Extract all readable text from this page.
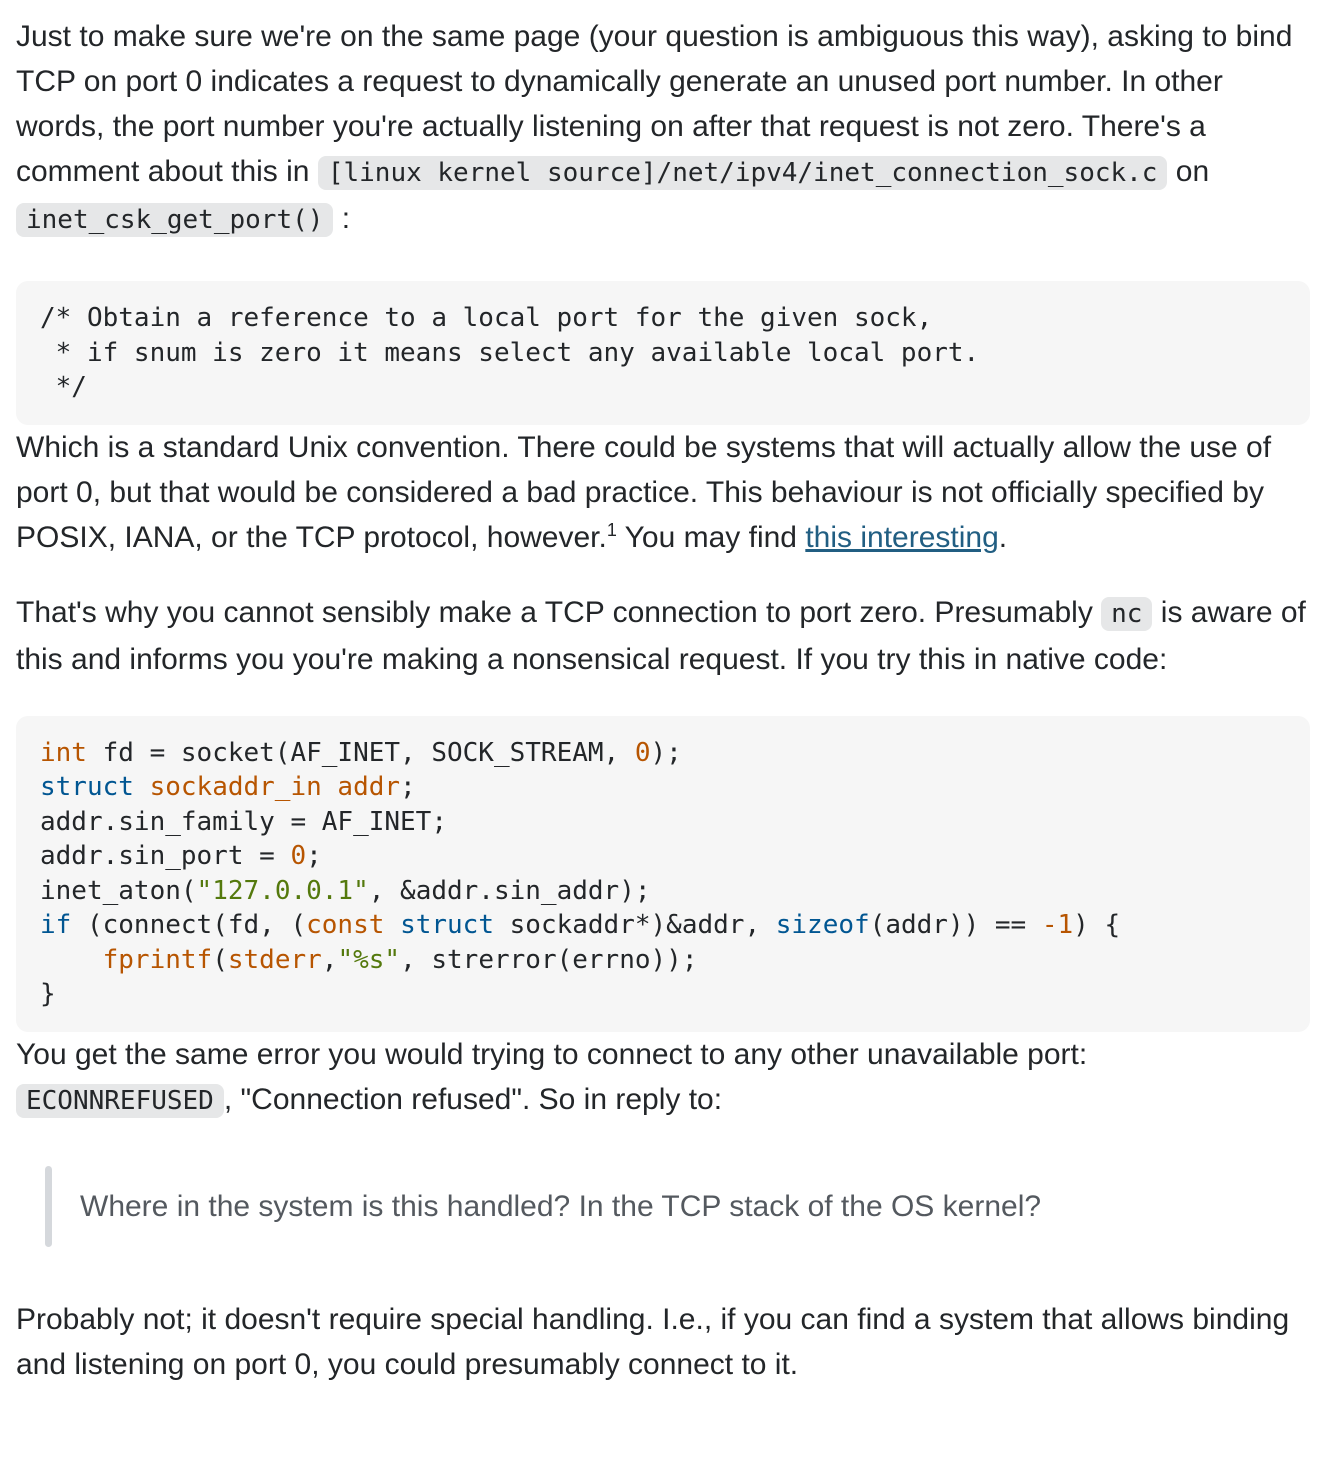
Just to make sure we're on the same page (your question is ambiguous this way), asking to bind TCP on port 0 indicates a request to dynamically generate an unused port number. In other words, the port number you're actually listening on after that request is not zero. There's a comment about this in [linux kernel source]/net/ipv4/inet_connection_sock.c on inet_csk_get_port() :

/* Obtain a reference to a local port for the given sock,
* if snum is zero it means select any available local port.
*/

Which is a standard Unix convention. There could be systems that will actually allow the use of port 0, but that would be considered a bad practice. This behaviour is not officially specified by POSIX, IANA, or the TCP protocol, however.$^1$ You may find this interesting.

That's why you cannot sensibly make a TCP connection to port zero. Presumably nc is aware of this and informs you you're making a nonsensical request. If you try this in native code:

int fd = socket(AF_INET, SOCK_STREAM, 0);
struct sockaddr_in addr;
addr.sin_family = AF_INET;
addr.sin_port = 0;
inet_aton("127.0.0.1", &addr.sin_addr);
if (connect(fd, (const struct sockaddr*)&addr, sizeof(addr)) == -1) {
fprintf(stderr,"%s", strerror(errno));
}

You get the same error you would trying to connect to any other unavailable port: ECONNREFUSED , "Connection refused". So in reply to:

Where in the system is this handled? In the TCP stack of the OS kernel?

Probably not; it doesn't require special handling. I.e., if you can find a system that allows binding and listening on port 0, you could presumably connect to it.
